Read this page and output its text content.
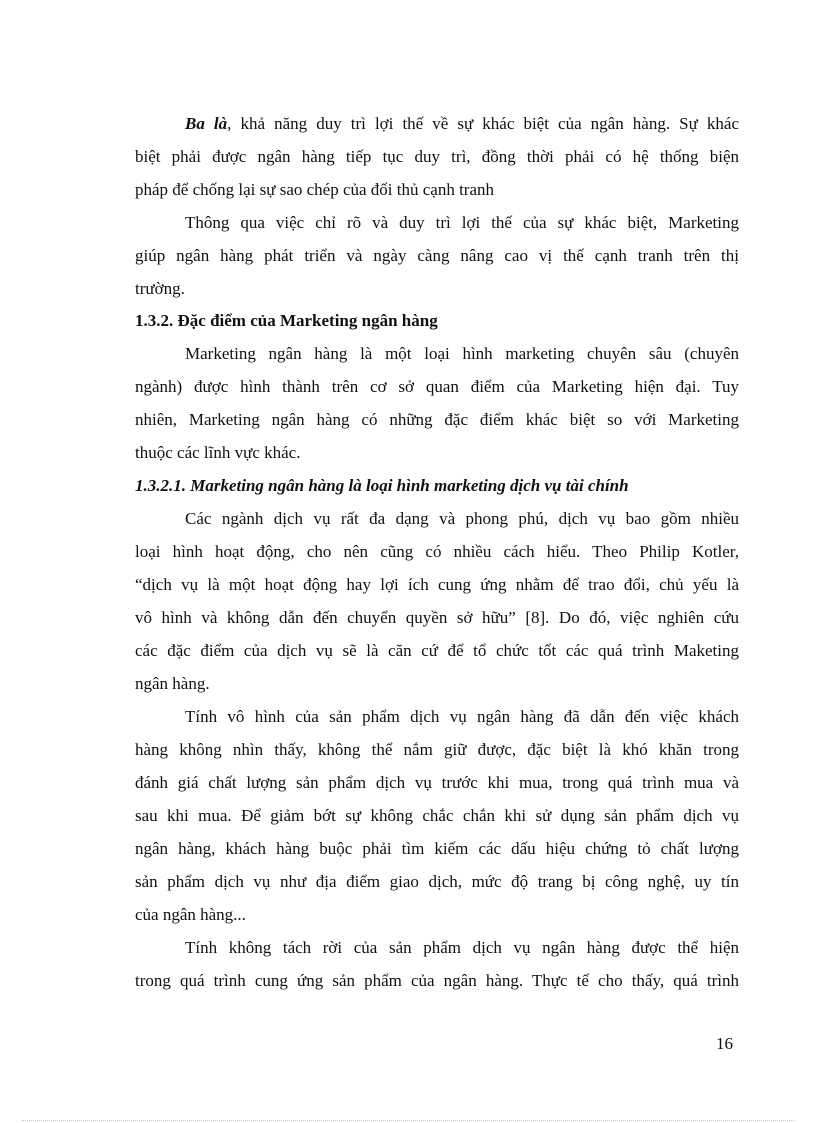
Ba là, khả năng duy trì lợi thế về sự khác biệt của ngân hàng. Sự khác
biệt phải được ngân hàng tiếp tục duy trì, đồng thời phải có hệ thống biện
pháp để chống lại sự sao chép của đối thủ cạnh tranh
Thông qua việc chỉ rõ và duy trì lợi thế của sự khác biệt, Marketing
giúp ngân hàng phát triển và ngày càng nâng cao vị thế cạnh tranh trên thị
trường.
1.3.2. Đặc điểm của Marketing ngân hàng
Marketing ngân hàng là một loại hình marketing chuyên sâu (chuyên
ngành) được hình thành trên cơ sở quan điểm của Marketing hiện đại. Tuy
nhiên, Marketing ngân hàng có những đặc điểm khác biệt so với Marketing
thuộc các lĩnh vực khác.
1.3.2.1. Marketing ngân hàng là loại hình marketing dịch vụ tài chính
Các ngành dịch vụ rất đa dạng và phong phú, dịch vụ bao gồm nhiều
loại hình hoạt động, cho nên cũng có nhiều cách hiểu. Theo Philip Kotler,
“dịch vụ là một hoạt động hay lợi ích cung ứng nhằm để trao đổi, chủ yếu là
vô hình và không dẫn đến chuyển quyền sở hữu” [8]. Do đó, việc nghiên cứu
các đặc điểm của dịch vụ sẽ là căn cứ để tổ chức tốt các quá trình Maketing
ngân hàng.
Tính vô hình của sản phẩm dịch vụ ngân hàng đã dẫn đến việc khách
hàng không nhìn thấy, không thể nắm giữ được, đặc biệt là khó khăn trong
đánh giá chất lượng sản phẩm dịch vụ trước khi mua, trong quá trình mua và
sau khi mua. Để giảm bớt sự không chắc chắn khi sử dụng sản phẩm dịch vụ
ngân hàng, khách hàng buộc phải tìm kiếm các dấu hiệu chứng tỏ chất lượng
sản phẩm dịch vụ như địa điểm giao dịch, mức độ trang bị công nghệ, uy tín
của ngân hàng...
Tính không tách rời của sản phẩm dịch vụ ngân hàng được thể hiện
trong quá trình cung ứng sản phẩm của ngân hàng. Thực tế cho thấy, quá trình
16
